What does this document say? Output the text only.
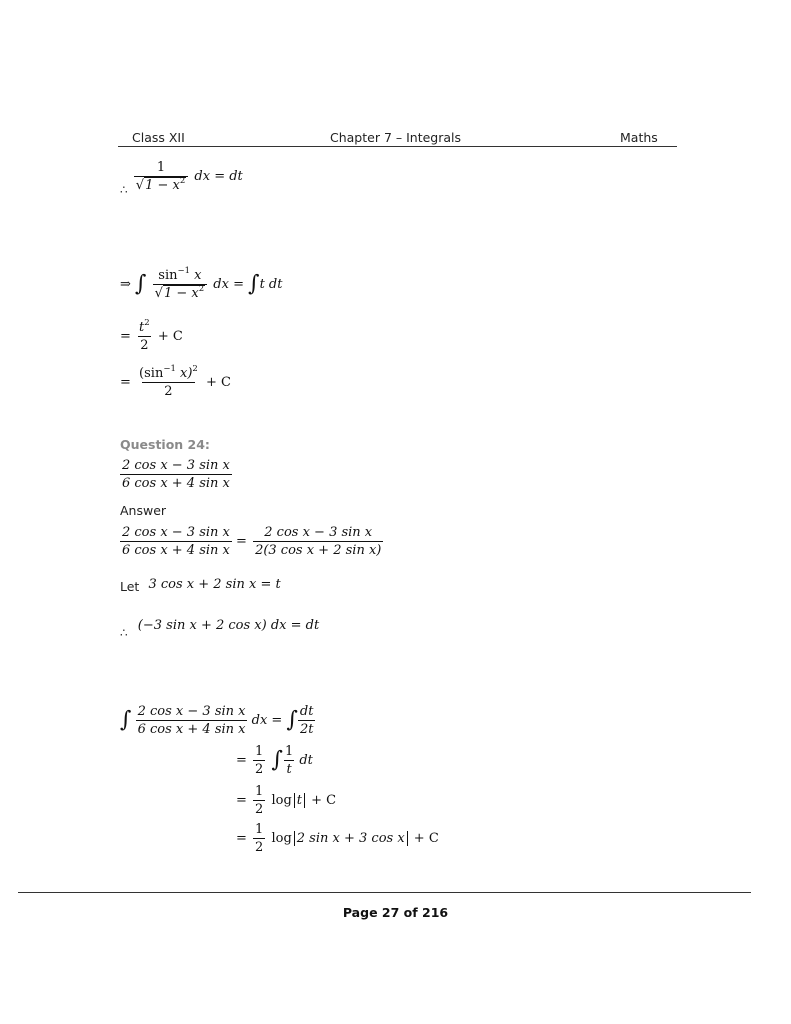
Class XII	Chapter 7 – Integrals	Maths
∴ $\frac{1}{√1 - x^2}$ dx = dt
⇒ ∫ $\frac{\sin^{-1} x}{√1 - x^2}$ dx = ∫t dt
= $\frac{t^2}{2} + C$
= $\frac{(\sin^{-1} x)^2}{2} + C$
Question 24:
$\frac{\text{2 cos x − 3 sin x}}{\text{6 cos x + 4 sin x}}$
Answer
$\frac{\text{2 cos x − 3 sin x}}{\text{6 cos x + 4 sin x}} = \frac{\text{2 cos x − 3 sin x}}{\text{2(3 cos x + 2 sin x)}}$
Let 3 cos x + 2 sin x = t
∴ (−3 sin x + 2 cos x) dx = dt
∫ $\frac{\text{2 cos x − 3 sin x}}{\text{6 cos x + 4 sin x}}$ dx = ∫ $\frac{dt}{2t}$
= $\frac{1}{2}$ ∫ $\frac{1}{t}$ dt
= $\frac{1}{2}$ log t + C
= $\frac{1}{2}$ log 2 sin x + 3 cos x + C
Page 27 of 216
